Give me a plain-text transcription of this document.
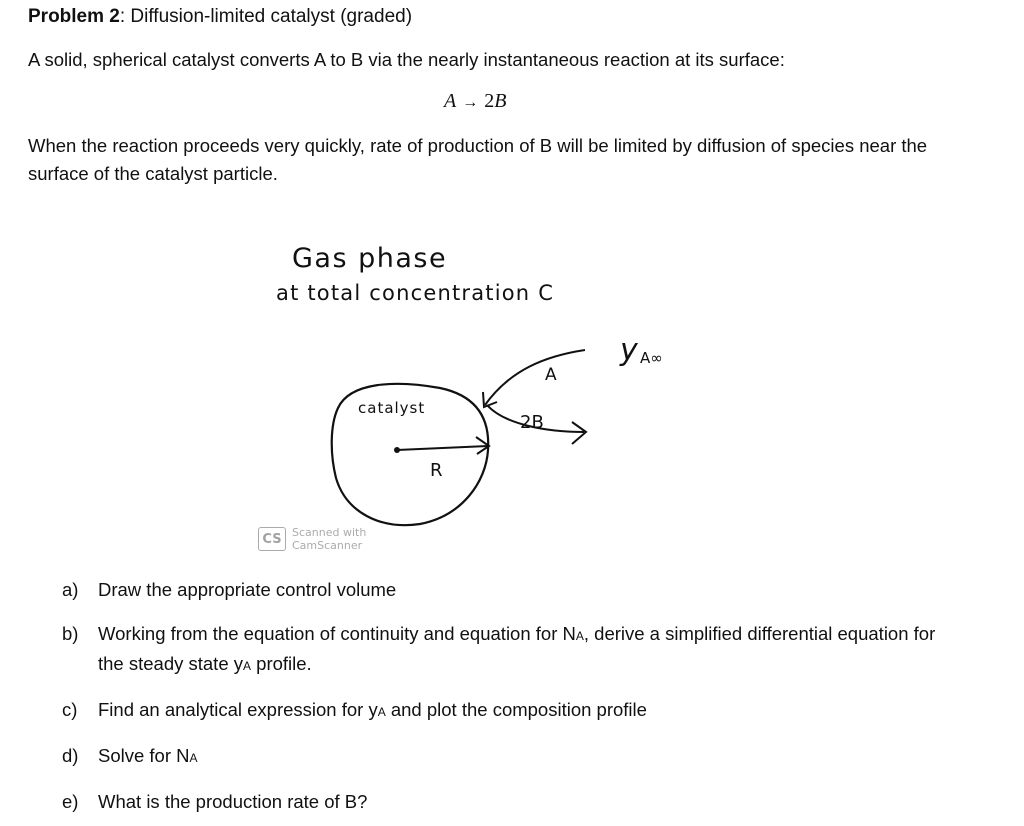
Problem 2: Diffusion-limited catalyst (graded)
A solid, spherical catalyst converts A to B via the nearly instantaneous reaction at its surface:
A → 2B
When the reaction proceeds very quickly, rate of production of B will be limited by diffusion of species near the surface of the catalyst particle.
Gas phase
at total concentration C
y A∞
catalyst
R
A
2B
CS Scanned with
CamScanner
a)	Draw the appropriate control volume
b)	Working from the equation of continuity and equation for NA, derive a simplified differential equation for the steady state yA profile.
c)	Find an analytical expression for yA and plot the composition profile
d)	Solve for NA
e)	What is the production rate of B?
